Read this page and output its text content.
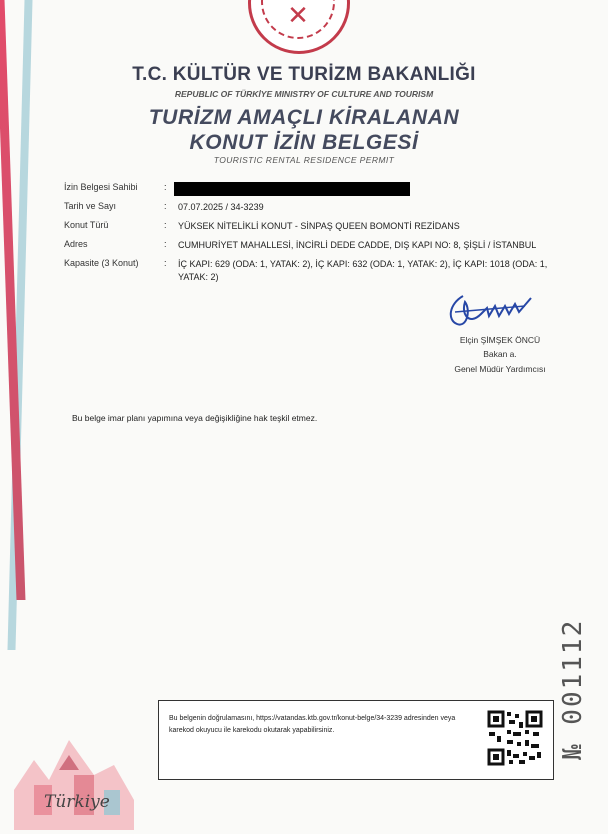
✕
T.C. KÜLTÜR VE TURİZM BAKANLIĞI
REPUBLIC OF TÜRKİYE MINISTRY OF CULTURE AND TOURISM
TURİZM AMAÇLI KİRALANAN
KONUT İZİN BELGESİ
TOURISTIC RENTAL RESIDENCE PERMIT
İzin Belgesi Sahibi	:
Tarih ve Sayı	:	07.07.2025 / 34-3239
Konut Türü	:	YÜKSEK NİTELİKLİ KONUT - SİNPAŞ QUEEN BOMONTİ REZİDANS
Adres	:	CUMHURİYET MAHALLESİ, İNCİRLİ DEDE CADDE, DIŞ KAPI NO: 8, ŞİŞLİ / İSTANBUL
Kapasite (3 Konut)	:	İÇ KAPI: 629 (ODA: 1, YATAK: 2), İÇ KAPI: 632 (ODA: 1, YATAK: 2), İÇ KAPI: 1018 (ODA: 1, YATAK: 2)
Elçin ŞİMŞEK ÖNCÜ
Bakan a.
Genel Müdür Yardımcısı
Bu belge imar planı yapımına veya değişikliğine hak teşkil etmez.
Bu belgenin doğrulamasını, https://vatandas.ktb.gov.tr/konut-belge/34-3239 adresinden veya karekod okuyucu ile karekodu okutarak yapabilirsiniz.	№ 001112
Türkiye
